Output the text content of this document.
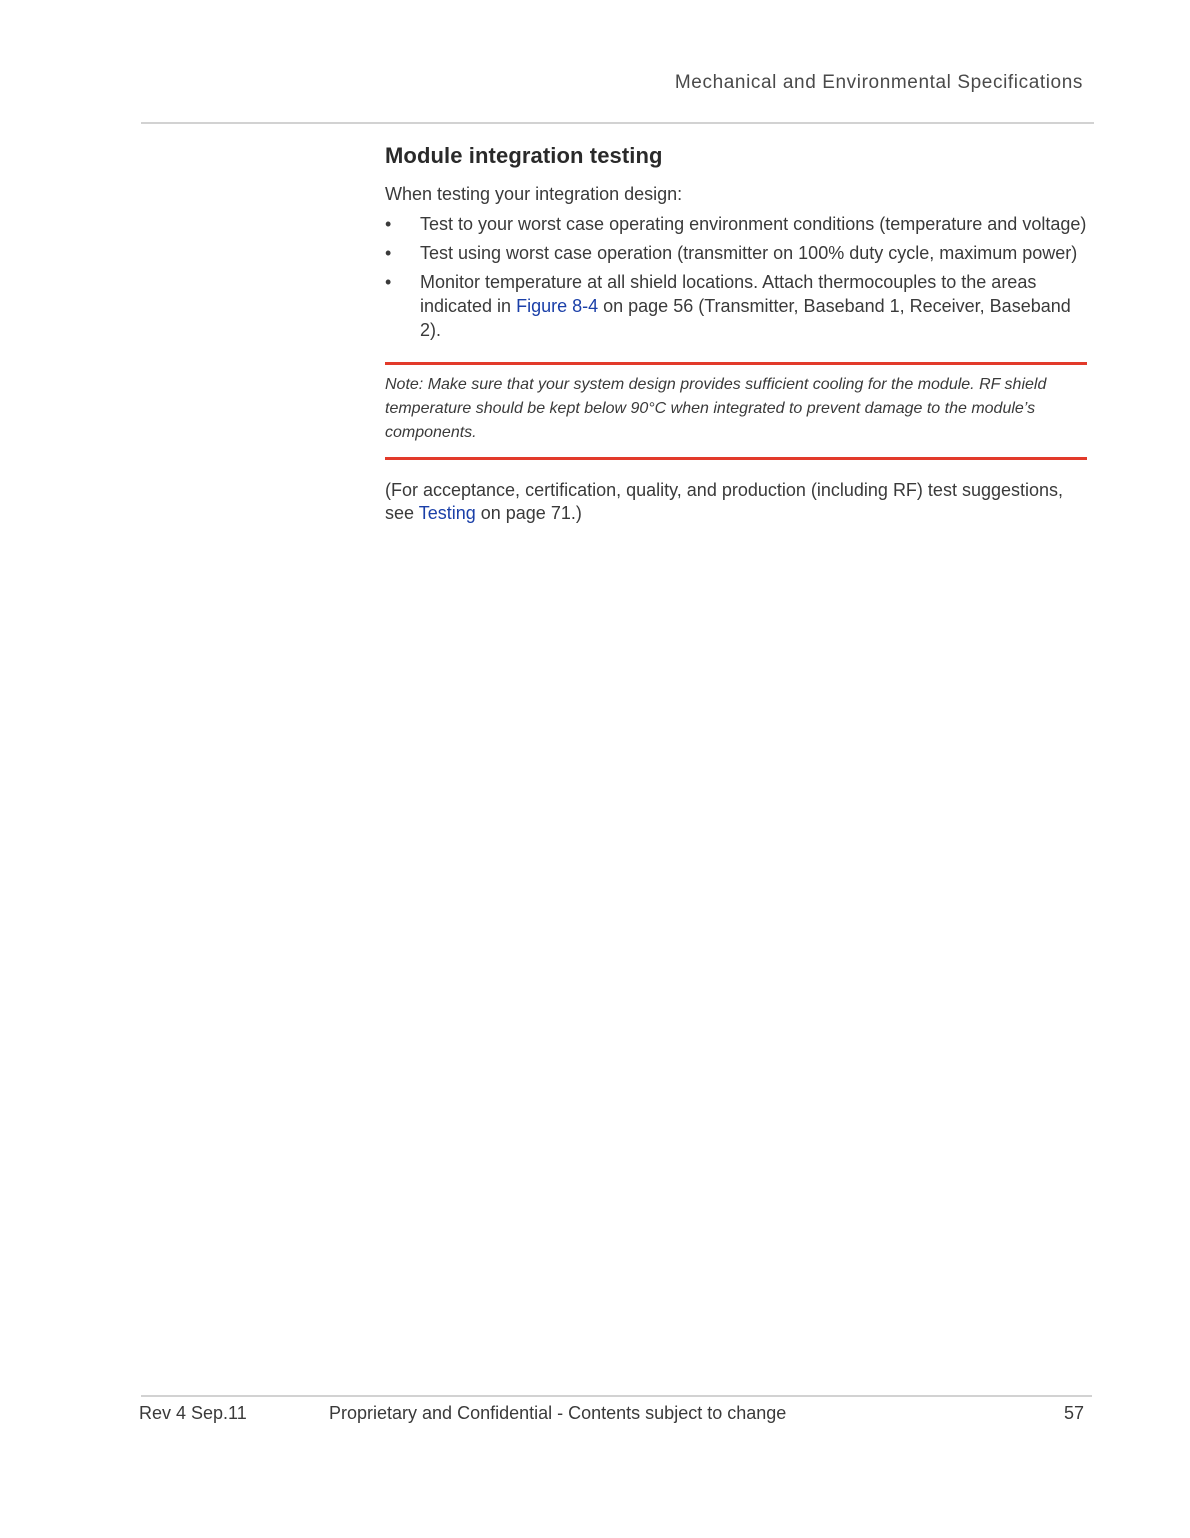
Mechanical and Environmental Specifications
Module integration testing

When testing your integration design:

• Test to your worst case operating environment conditions (temperature and voltage)
• Test using worst case operation (transmitter on 100% duty cycle, maximum power)
• Monitor temperature at all shield locations. Attach thermocouples to the areas indicated in Figure 8-4 on page 56 (Transmitter, Baseband 1, Receiver, Baseband 2).
Note: Make sure that your system design provides sufficient cooling for the module. RF shield temperature should be kept below 90°C when integrated to prevent damage to the module’s components.

(For acceptance, certification, quality, and production (including RF) test suggestions, see Testing on page 71.)

Rev 4 Sep.11	Proprietary and Confidential - Contents subject to change	57
